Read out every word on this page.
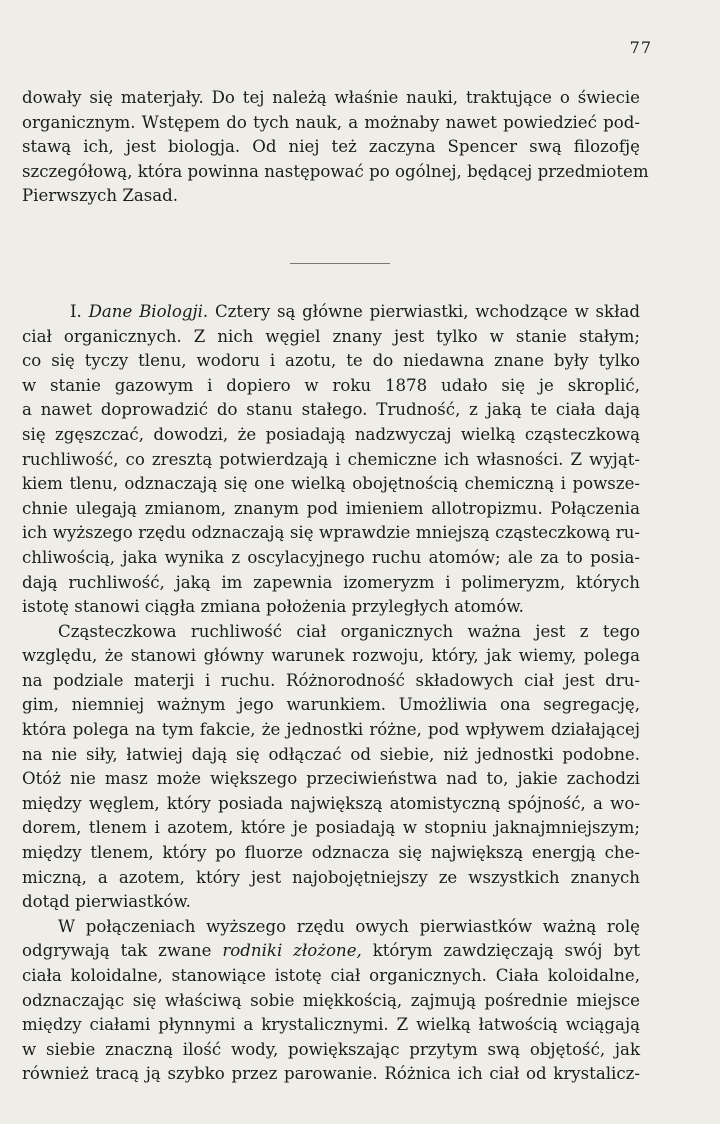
77
dowały się materjały. Do tej należą właśnie nauki, traktujące o świecie
organicznym. Wstępem do tych nauk, a możnaby nawet powiedzieć pod-
stawą ich, jest biologja. Od niej też zaczyna Spencer swą filozofję
szczegółową, która powinna następować po ogólnej, będącej przedmiotem
Pierwszych Zasad.
I. Dane Biologji. Cztery są główne pierwiastki, wchodzące w skład
ciał organicznych. Z nich węgiel znany jest tylko w stanie stałym;
co się tyczy tlenu, wodoru i azotu, te do niedawna znane były tylko
w stanie gazowym i dopiero w roku 1878 udało się je skroplić,
a nawet doprowadzić do stanu stałego. Trudność, z jaką te ciała dają
się zgęszczać, dowodzi, że posiadają nadzwyczaj wielką cząsteczkową
ruchliwość, co zresztą potwierdzają i chemiczne ich własności. Z wyjąt-
kiem tlenu, odznaczają się one wielką obojętnością chemiczną i powsze-
chnie ulegają zmianom, znanym pod imieniem allotropizmu. Połączenia
ich wyższego rzędu odznaczają się wprawdzie mniejszą cząsteczkową ru-
chliwością, jaka wynika z oscylacyjnego ruchu atomów; ale za to posia-
dają ruchliwość, jaką im zapewnia izomeryzm i polimeryzm, których
istotę stanowi ciągła zmiana położenia przyległych atomów.
Cząsteczkowa ruchliwość ciał organicznych ważna jest z tego
względu, że stanowi główny warunek rozwoju, który, jak wiemy, polega
na podziale materji i ruchu. Różnorodność składowych ciał jest dru-
gim, niemniej ważnym jego warunkiem. Umożliwia ona segregację,
która polega na tym fakcie, że jednostki różne, pod wpływem działającej
na nie siły, łatwiej dają się odłączać od siebie, niż jednostki podobne.
Otóż nie masz może większego przeciwieństwa nad to, jakie zachodzi
między węglem, który posiada największą atomistyczną spójność, a wo-
dorem, tlenem i azotem, które je posiadają w stopniu jaknajmniejszym;
między tlenem, który po fluorze odznacza się największą energją che-
miczną, a azotem, który jest najobojętniejszy ze wszystkich znanych
dotąd pierwiastków.
W połączeniach wyższego rzędu owych pierwiastków ważną rolę
odgrywają tak zwane rodniki złożone, którym zawdzięczają swój byt
ciała koloidalne, stanowiące istotę ciał organicznych. Ciała koloidalne,
odznaczając się właściwą sobie miękkością, zajmują pośrednie miejsce
między ciałami płynnymi a krystalicznymi. Z wielką łatwością wciągają
w siebie znaczną ilość wody, powiększając przytym swą objętość, jak
również tracą ją szybko przez parowanie. Różnica ich ciał od krystalicz-
